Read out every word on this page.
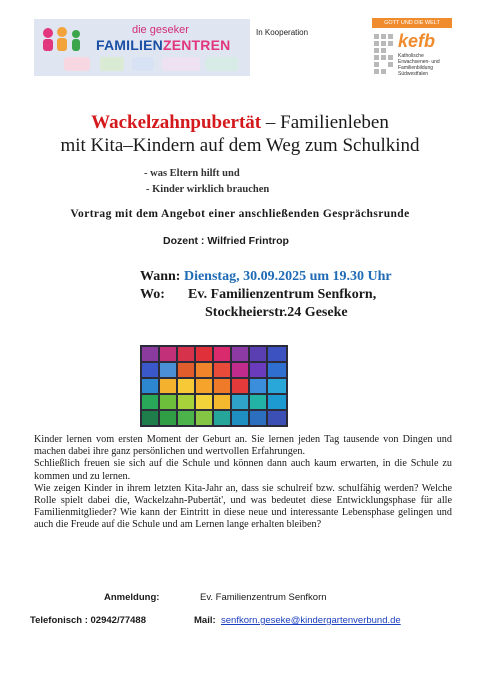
die geseker
FAMILIENZENTREN
In Kooperation
GOTT UND DIE WELT
kefb
Katholische Erwachsenen- und Familienbildung Südwestfalen
Wackelzahnpubertät – Familienleben
mit Kita–Kindern auf dem Weg zum Schulkind
- was Eltern hilft und
- Kinder wirklich brauchen
Vortrag mit dem Angebot einer anschließenden Gesprächsrunde
Dozent : Wilfried Frintrop
Wann: Dienstag, 30.09.2025 um 19.30 Uhr
Wo: Ev. Familienzentrum Senfkorn,
Stockheierstr.24 Geseke

Kinder lernen vom ersten Moment der Geburt an. Sie lernen jeden Tag tausende von Dingen und machen dabei ihre ganz persönlichen und wertvollen Erfahrungen.

Schließlich freuen sie sich auf die Schule und können dann auch kaum erwarten, in die Schule zu kommen und zu lernen.

Wie zeigen Kinder in ihrem letzten Kita-Jahr an, dass sie schulreif bzw. schulfähig werden? Welche Rolle spielt dabei die, Wackelzahn-Pubertät', und was bedeutet diese Entwicklungsphase für alle Familienmitglieder? Wie kann der Eintritt in diese neue und interessante Lebensphase gelingen und auch die Freude auf die Schule und am Lernen lange erhalten bleiben?

Anmeldung:	Ev. Familienzentrum Senfkorn
Telefonisch : 02942/77488	Mail: senfkorn.geseke@kindergartenverbund.de
